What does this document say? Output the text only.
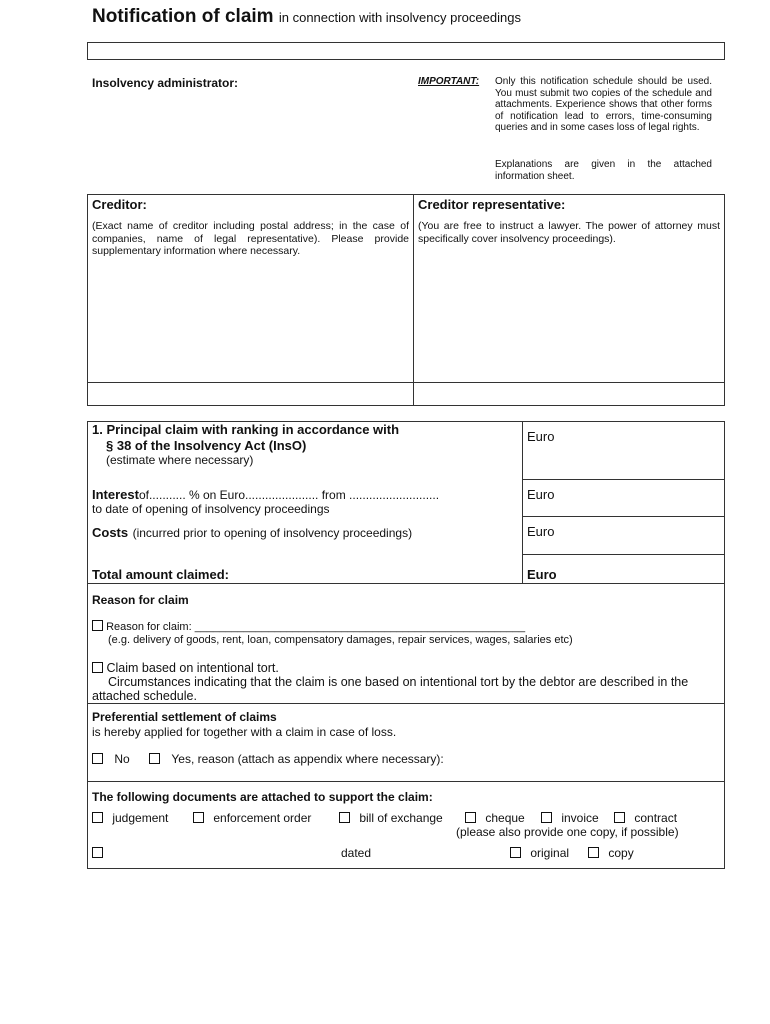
Notification of claim in connection with insolvency proceedings
Insolvency administrator:	IMPORTANT: Only this notification schedule should be used. You must submit two copies of the schedule and attachments. Experience shows that other forms of notification lead to errors, time-consuming queries and in some cases loss of legal rights.
Explanations are given in the attached information sheet.
Creditor:
(Exact name of creditor including postal address; in the case of companies, name of legal representative). Please provide supplementary information where necessary.
Creditor representative:
(You are free to instruct a lawyer. The power of attorney must specifically cover insolvency proceedings).
1. Principal claim with ranking in accordance with
§ 38 of the Insolvency Act (InsO)
(estimate where necessary)
Euro
Interestof........... % on Euro...................... from ...........................
to date of opening of insolvency proceedings
Euro
Costs (incurred prior to opening of insolvency proceedings)	Euro
Total amount claimed:	Euro
Reason for claim
Reason for claim: ______________________________________________________
(e.g. delivery of goods, rent, loan, compensatory damages, repair services, wages, salaries etc)
Claim based on intentional tort.
Circumstances indicating that the claim is one based on intentional tort by the debtor are described in the attached schedule.
Preferential settlement of claims
is hereby applied for together with a claim in case of loss.
No	Yes, reason (attach as appendix where necessary):
The following documents are attached to support the claim:
judgement	enforcement order	bill of exchange	cheque	invoice	contract
(please also provide one copy, if possible)
dated	original	copy
